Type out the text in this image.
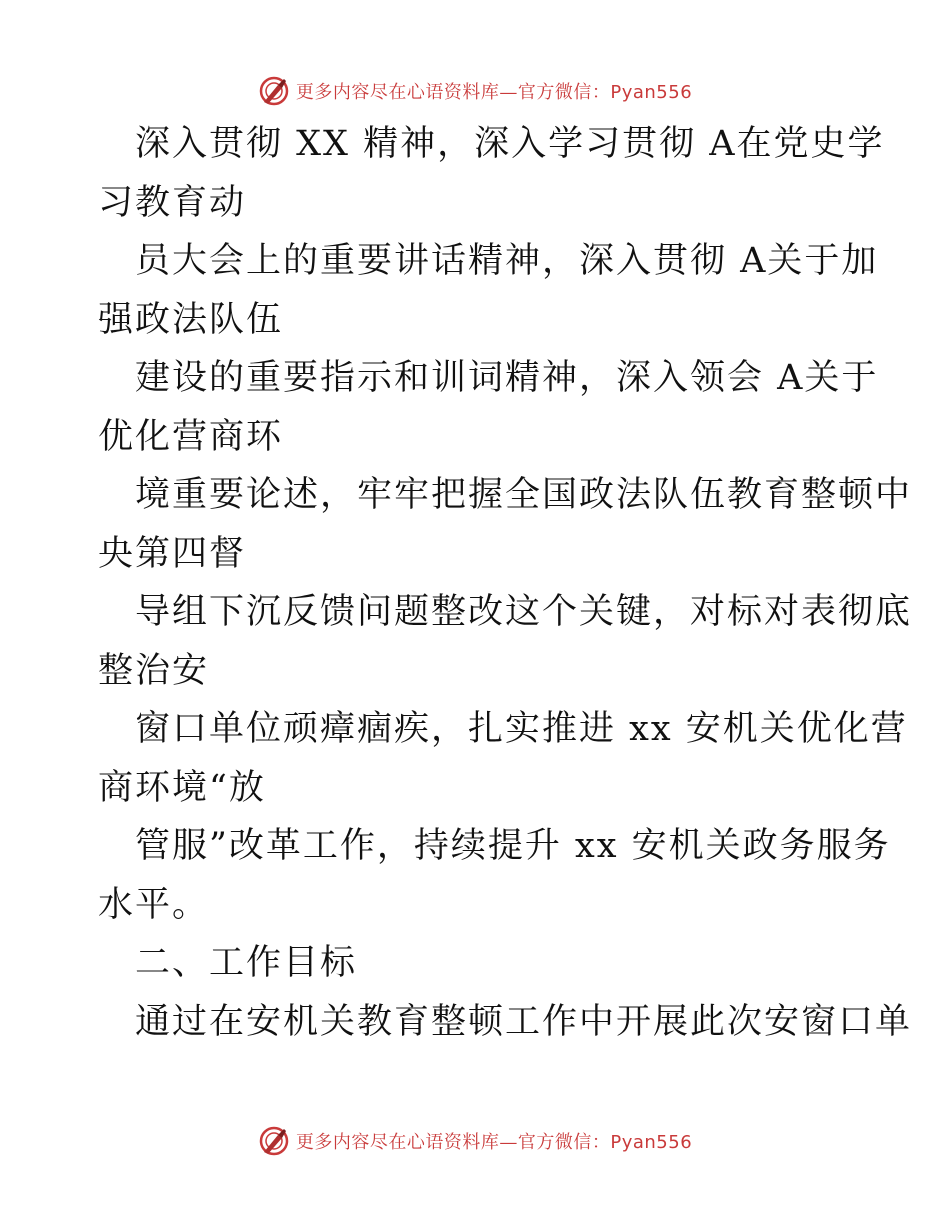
更多内容尽在心语资料库—官方微信：Pyan556
深入贯彻 XX 精神，深入学习贯彻 A在党史学
习教育动
员大会上的重要讲话精神，深入贯彻 A关于加
强政法队伍
建设的重要指示和训词精神，深入领会 A关于
优化营商环
境重要论述，牢牢把握全国政法队伍教育整顿中
央第四督
导组下沉反馈问题整改这个关键，对标对表彻底
整治安
窗口单位顽瘴痼疾，扎实推进 xx 安机关优化营
商环境“放
管服”改革工作，持续提升 xx 安机关政务服务
水平。
二、工作目标
通过在安机关教育整顿工作中开展此次安窗口单
更多内容尽在心语资料库—官方微信：Pyan556
